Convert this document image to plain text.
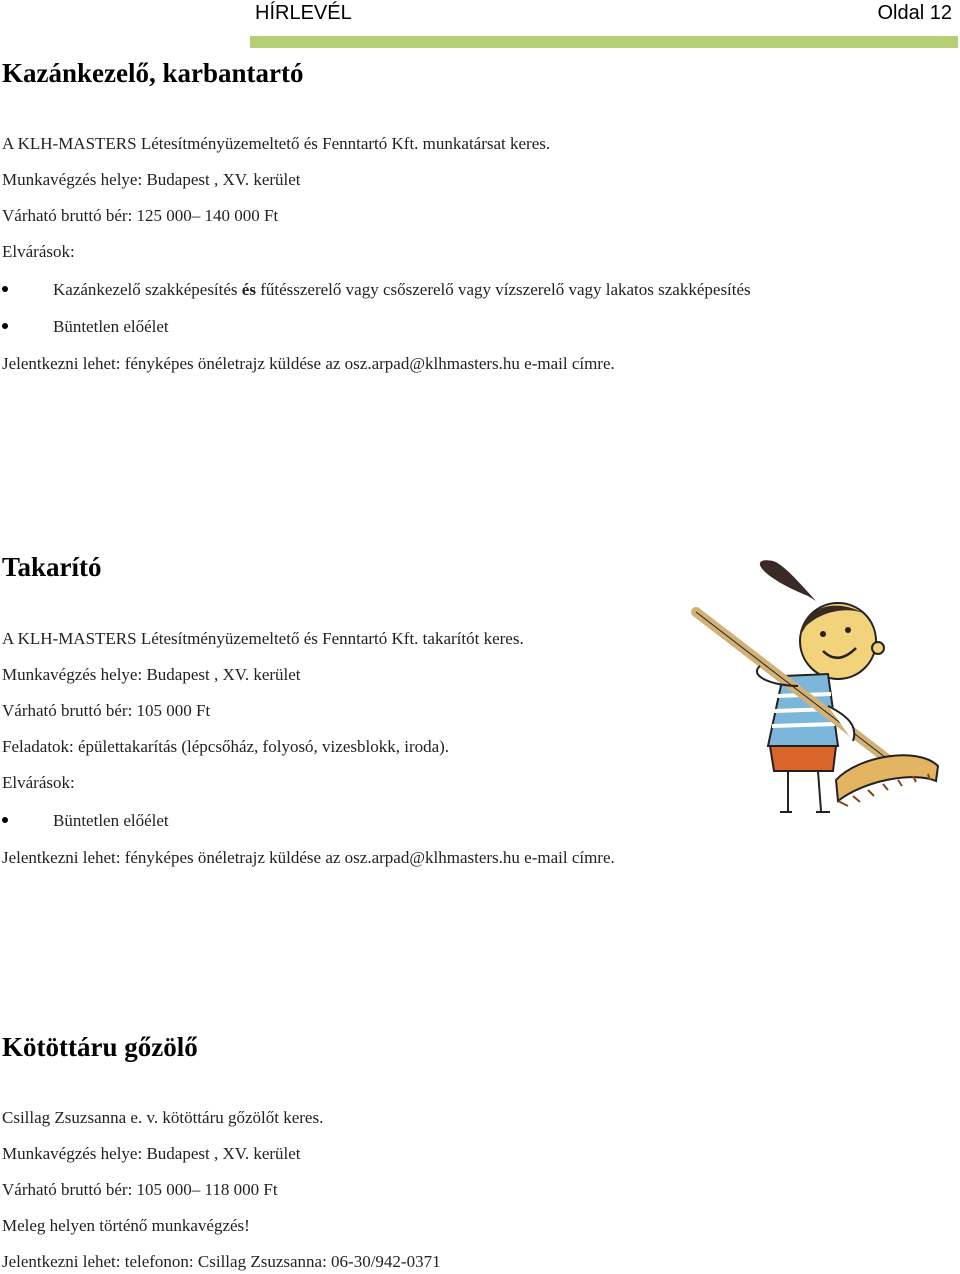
HÍRLEVÉL	Oldal 12
Kazánkezelő, karbantartó
A KLH-MASTERS Létesítményüzemeltető és Fenntartó Kft. munkatársat keres.
Munkavégzés helye: Budapest , XV. kerület
Várható bruttó bér: 125 000– 140 000 Ft
Elvárások:
Kazánkezelő szakképesítés és fűtésszerelő vagy csőszerelő vagy vízszerelő vagy lakatos szakképesítés
Büntetlen előélet
Jelentkezni lehet: fényképes önéletrajz küldése az osz.arpad@klhmasters.hu e-mail címre.
Takarító
A KLH-MASTERS Létesítményüzemeltető és Fenntartó Kft. takarítót keres.
Munkavégzés helye: Budapest , XV. kerület
Várható bruttó bér: 105 000 Ft
Feladatok: épülettakarítás (lépcsőház, folyosó, vizesblokk, iroda).
Elvárások:
Büntetlen előélet
Jelentkezni lehet: fényképes önéletrajz küldése az osz.arpad@klhmasters.hu e-mail címre.
Kötöttáru gőzölő
Csillag Zsuzsanna e. v. kötöttáru gőzölőt keres.
Munkavégzés helye: Budapest , XV. kerület
Várható bruttó bér: 105 000– 118 000 Ft
Meleg helyen történő munkavégzés!
Jelentkezni lehet: telefonon: Csillag Zsuzsanna: 06-30/942-0371
